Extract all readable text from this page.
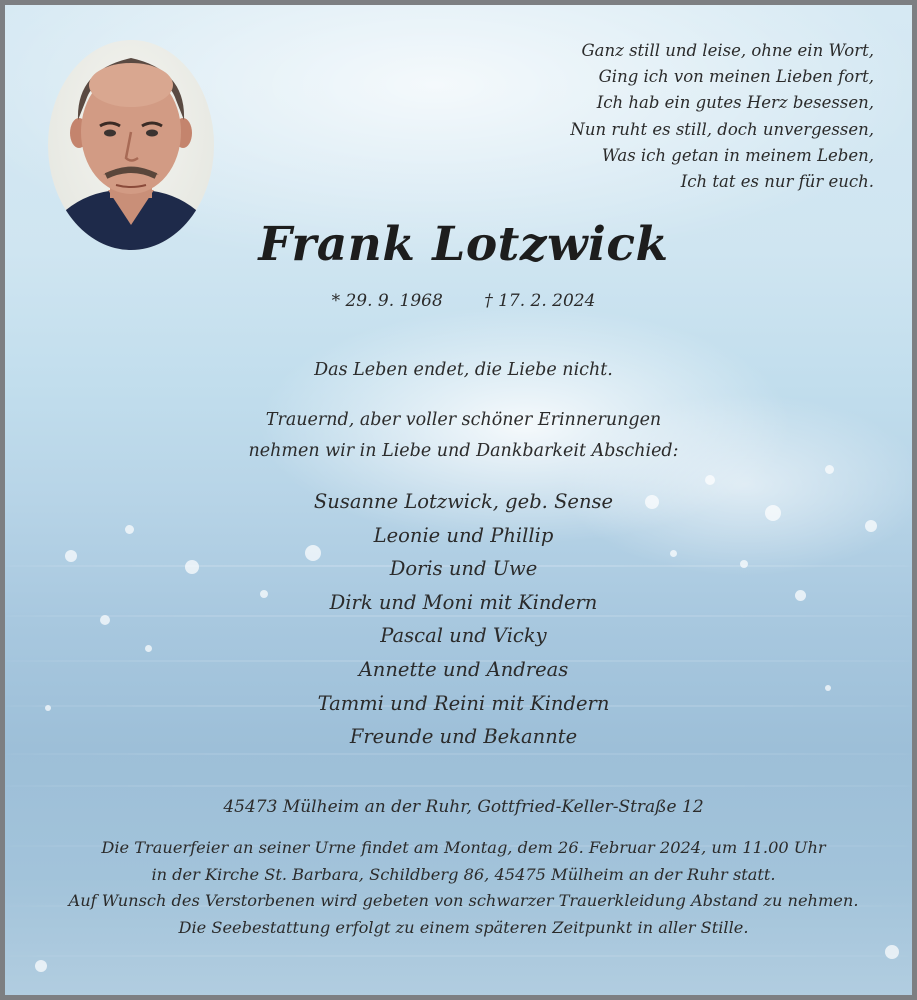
Ganz still und leise, ohne ein Wort,
Ging ich von meinen Lieben fort,
Ich hab ein gutes Herz besessen,
Nun ruht es still, doch unvergessen,
Was ich getan in meinem Leben,
Ich tat es nur für euch.
Frank Lotzwick
* 29. 9. 1968 † 17. 2. 2024
Das Leben endet, die Liebe nicht.
Trauernd, aber voller schöner Erinnerungen
nehmen wir in Liebe und Dankbarkeit Abschied:
Susanne Lotzwick, geb. Sense
Leonie und Phillip
Doris und Uwe
Dirk und Moni mit Kindern
Pascal und Vicky
Annette und Andreas
Tammi und Reini mit Kindern
Freunde und Bekannte
45473 Mülheim an der Ruhr, Gottfried-Keller-Straße 12
Die Trauerfeier an seiner Urne findet am Montag, dem 26. Februar 2024, um 11.00 Uhr
in der Kirche St. Barbara, Schildberg 86, 45475 Mülheim an der Ruhr statt.
Auf Wunsch des Verstorbenen wird gebeten von schwarzer Trauerkleidung Abstand zu nehmen.
Die Seebestattung erfolgt zu einem späteren Zeitpunkt in aller Stille.
